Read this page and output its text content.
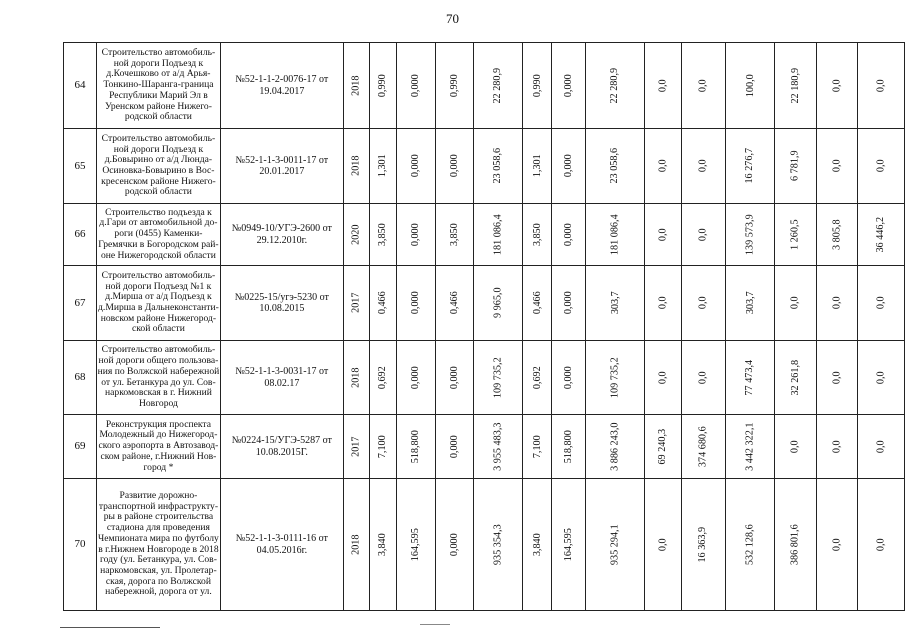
70
64	Строительство автомобиль-ной дороги Подъезд к д.Кочешково от а/д Арья-Тонкино-Шаранга-граница Республики Марий Эл в Уренском районе Нижего-родской области	№52-1-1-2-0076-17 от 19.04.2017	2018	0,990	0,000	0,990	22 280,9	0,990	0,000	22 280,9	0,0	0,0	100,0	22 180,9	0,0	0,0
65	Строительство автомобиль-ной дороги Подъезд к д.Бовырино от а/д Люнда-Осиновка-Бовырино в Вос-кресенском районе Нижего-родской области	№52-1-1-3-0011-17 от 20.01.2017	2018	1,301	0,000	0,000	23 058,6	1,301	0,000	23 058,6	0,0	0,0	16 276,7	6 781,9	0,0	0,0
66	Строительство подъезда к д.Гари от автомобильной до-роги (0455) Каменки-Гремячки в Богородском рай-оне Нижегородской области	№0949-10/УГЭ-2600 от 29.12.2010г.	2020	3,850	0,000	3,850	181 086,4	3,850	0,000	181 086,4	0,0	0,0	139 573,9	1 260,5	3 805,8	36 446,2
67	Строительство автомобиль-ной дороги Подъезд №1 к д.Мирша от а/д Подъезд к д.Мирша в Дальнеконстанти-новском районе Нижегород-ской области	№0225-15/угэ-5230 от 10.08.2015	2017	0,466	0,000	0,466	9 965,0	0,466	0,000	303,7	0,0	0,0	303,7	0,0	0,0	0,0
68	Строительство автомобиль-ной дороги общего пользова-ния по Волжской набережной от ул. Бетанкура до ул. Сов-наркомовская в г. Нижний Новгород	№52-1-1-3-0031-17 от 08.02.17	2018	0,692	0,000	0,000	109 735,2	0,692	0,000	109 735,2	0,0	0,0	77 473,4	32 261,8	0,0	0,0
69	Реконструкция проспекта Молодежный до Нижегород-ского аэропорта в Автозавод-ском районе, г.Нижний Нов-город *	№0224-15/УГЭ-5287 от 10.08.2015Г.	2017	7,100	518,800	0,000	3 955 483,3	7,100	518,800	3 886 243,0	69 240,3	374 680,6	3 442 322,1	0,0	0,0	0,0
70	Развитие дорожно-транспортной инфраструкту-ры в районе строительства стадиона для проведения Чемпионата мира по футболу в г.Нижнем Новгороде в 2018 году (ул. Бетанкура, ул. Сов-наркомовская, ул. Пролетар-ская, дорога по Волжской набережной, дорога от ул.	№52-1-1-3-0111-16 от 04.05.2016г.	2018	3,840	164,595	0,000	935 354,3	3,840	164,595	935 294,1	0,0	16 363,9	532 128,6	386 801,6	0,0	0,0
